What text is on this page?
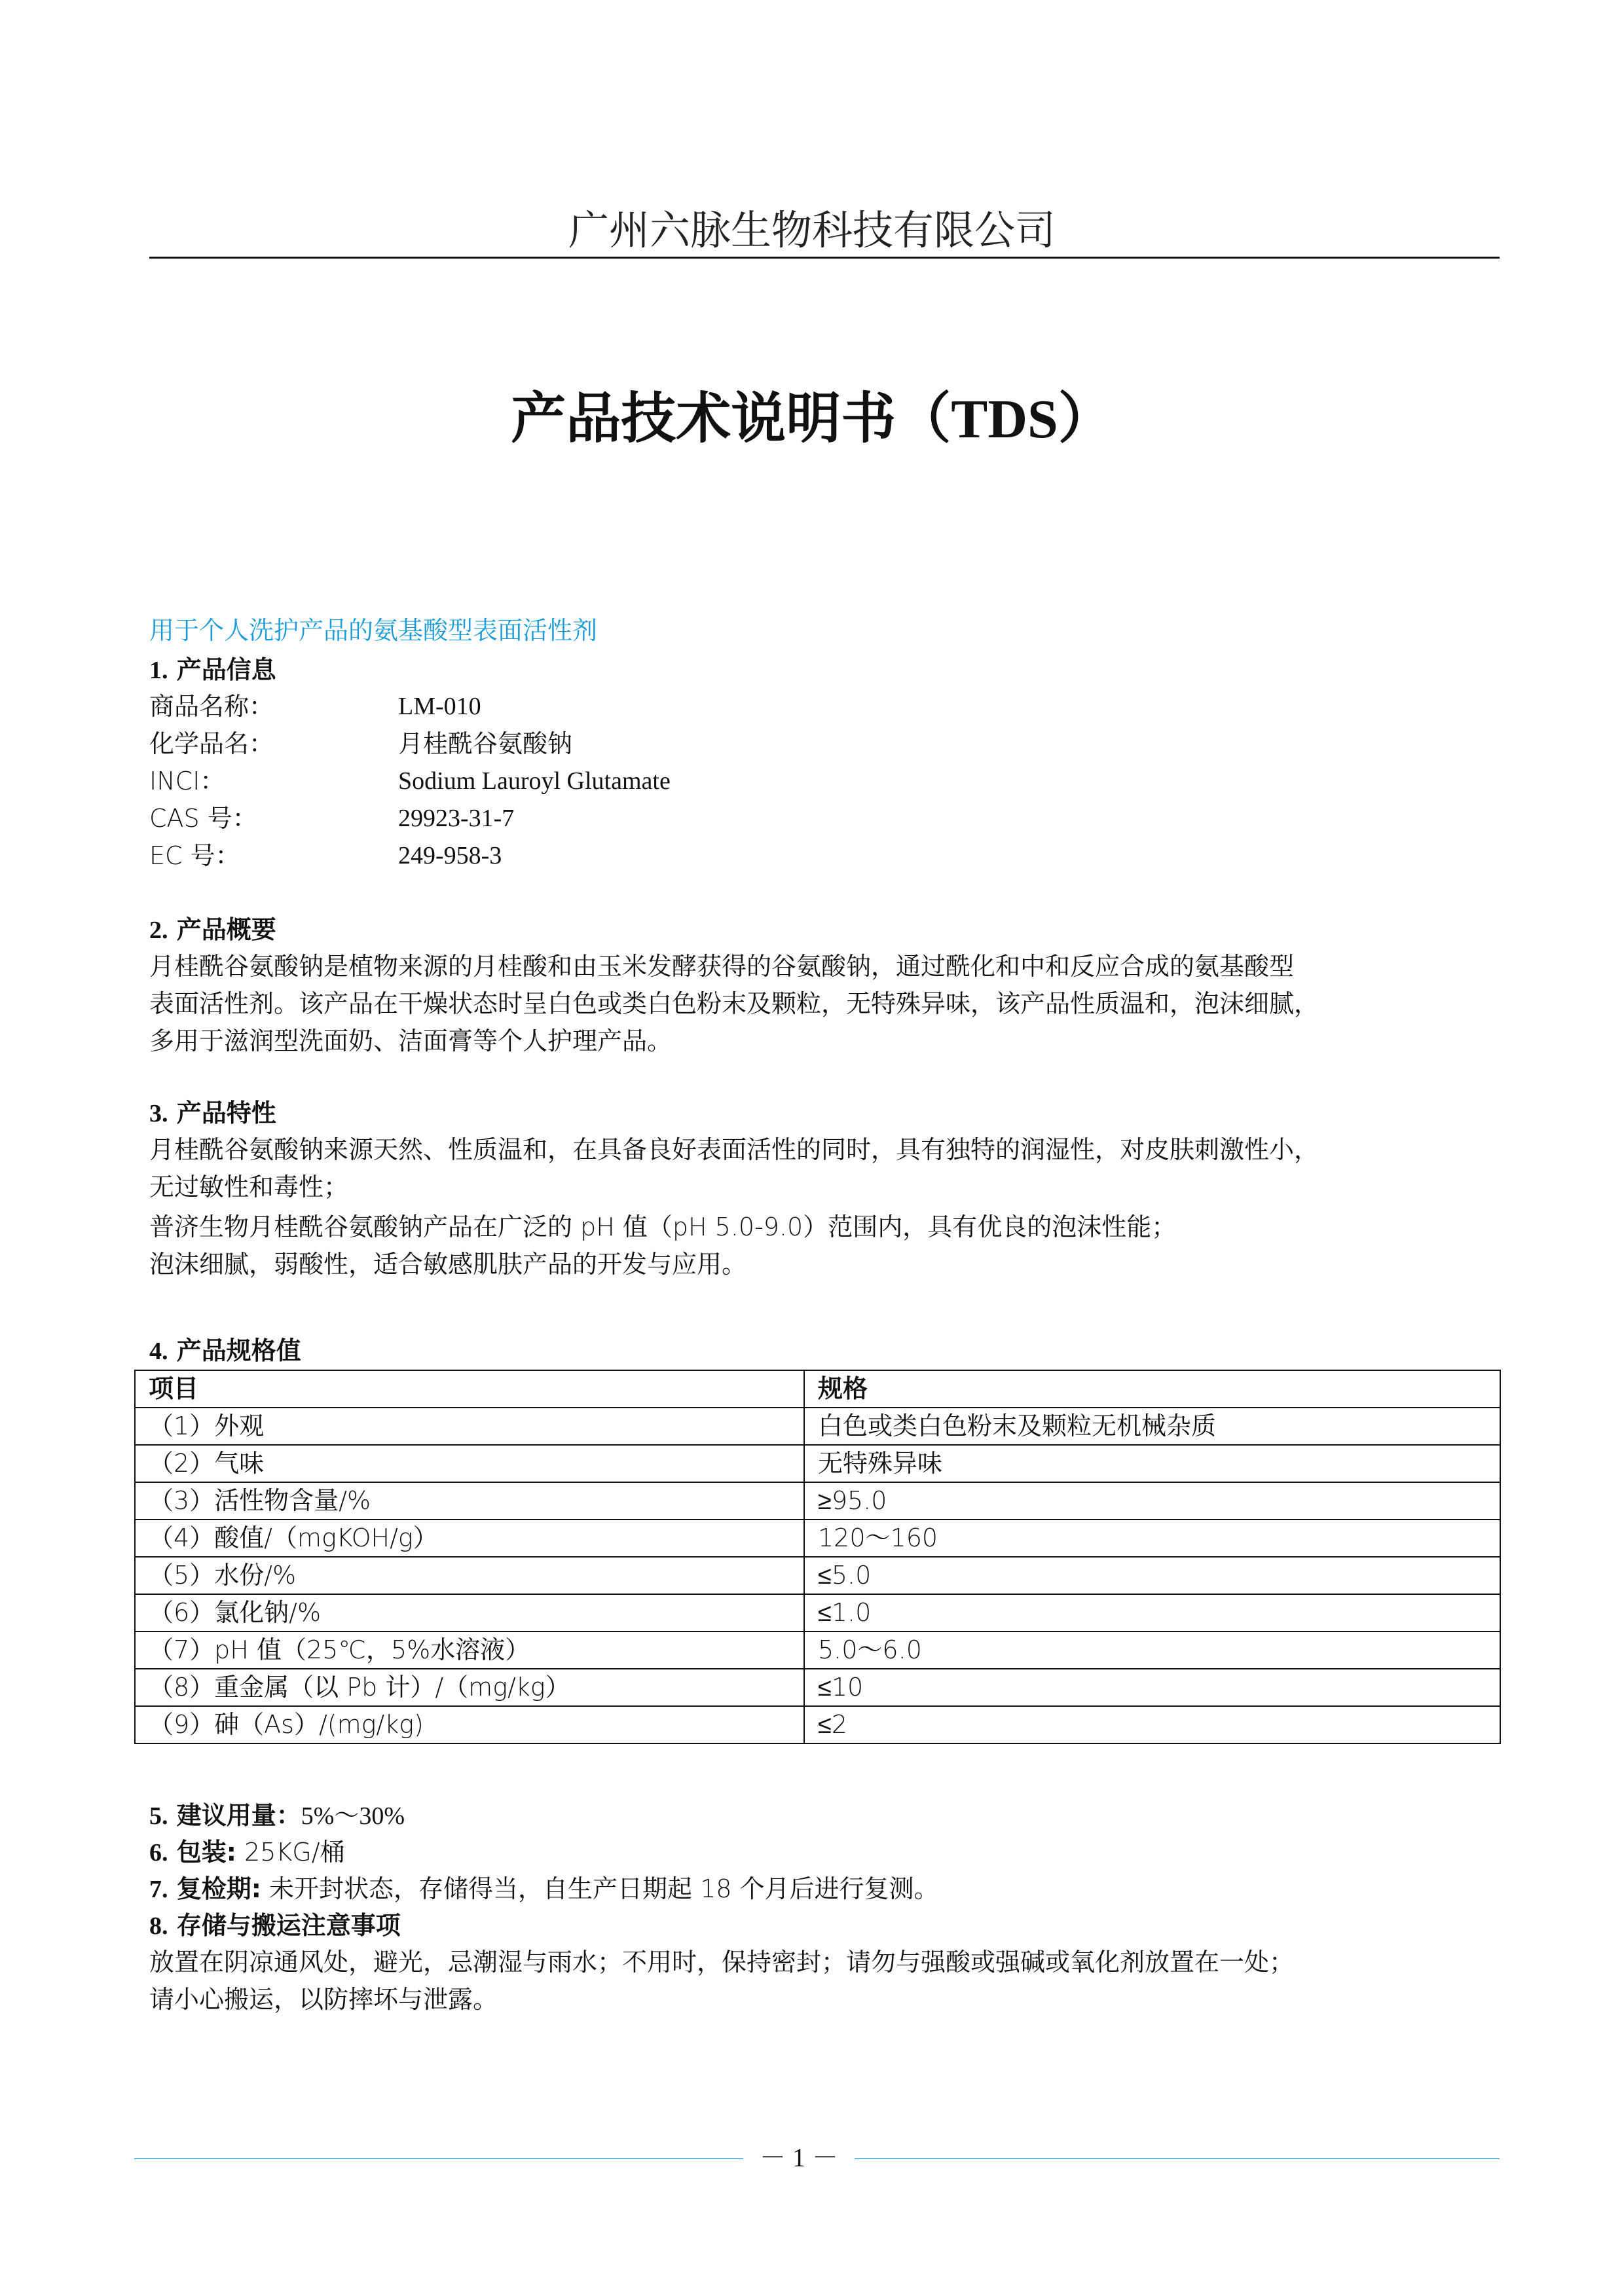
广州六脉生物科技有限公司
产品技术说明书（TDS）
用于个人洗护产品的氨基酸型表面活性剂
1. 产品信息
商品名称：	LM-010
化学品名：	月桂酰谷氨酸钠
INCI：	Sodium Lauroyl Glutamate
CAS 号：	29923-31-7
EC 号：	249-958-3
2. 产品概要

月桂酰谷氨酸钠是植物来源的月桂酸和由玉米发酵获得的谷氨酸钠，通过酰化和中和反应合成的氨基酸型

表面活性剂。该产品在干燥状态时呈白色或类白色粉末及颗粒，无特殊异味，该产品性质温和，泡沫细腻，

多用于滋润型洗面奶、洁面膏等个人护理产品。

3. 产品特性

月桂酰谷氨酸钠来源天然、性质温和，在具备良好表面活性的同时，具有独特的润湿性，对皮肤刺激性小，

无过敏性和毒性；

普济生物月桂酰谷氨酸钠产品在广泛的 pH 值（pH 5.0-9.0）范围内，具有优良的泡沫性能；

泡沫细腻，弱酸性，适合敏感肌肤产品的开发与应用。

4. 产品规格值
项目	规格
（1）外观	白色或类白色粉末及颗粒无机械杂质
（2）气味	无特殊异味
（3）活性物含量/%	≥95.0
（4）酸值/（mgKOH/g）	120～160
（5）水份/%	≤5.0
（6）氯化钠/%	≤1.0
（7）pH 值（25℃，5%水溶液）	5.0～6.0
（8）重金属（以 Pb 计）/（mg/kg）	≤10
（9）砷（As）/(mg/kg)	≤2
5. 建议用量：5%～30%
6. 包装: 25KG/桶
7. 复检期: 未开封状态，存储得当，自生产日期起 18 个月后进行复测。
8. 存储与搬运注意事项

放置在阴凉通风处，避光，忌潮湿与雨水；不用时，保持密封；请勿与强酸或强碱或氧化剂放置在一处；

请小心搬运，以防摔坏与泄露。

－ 1 －
